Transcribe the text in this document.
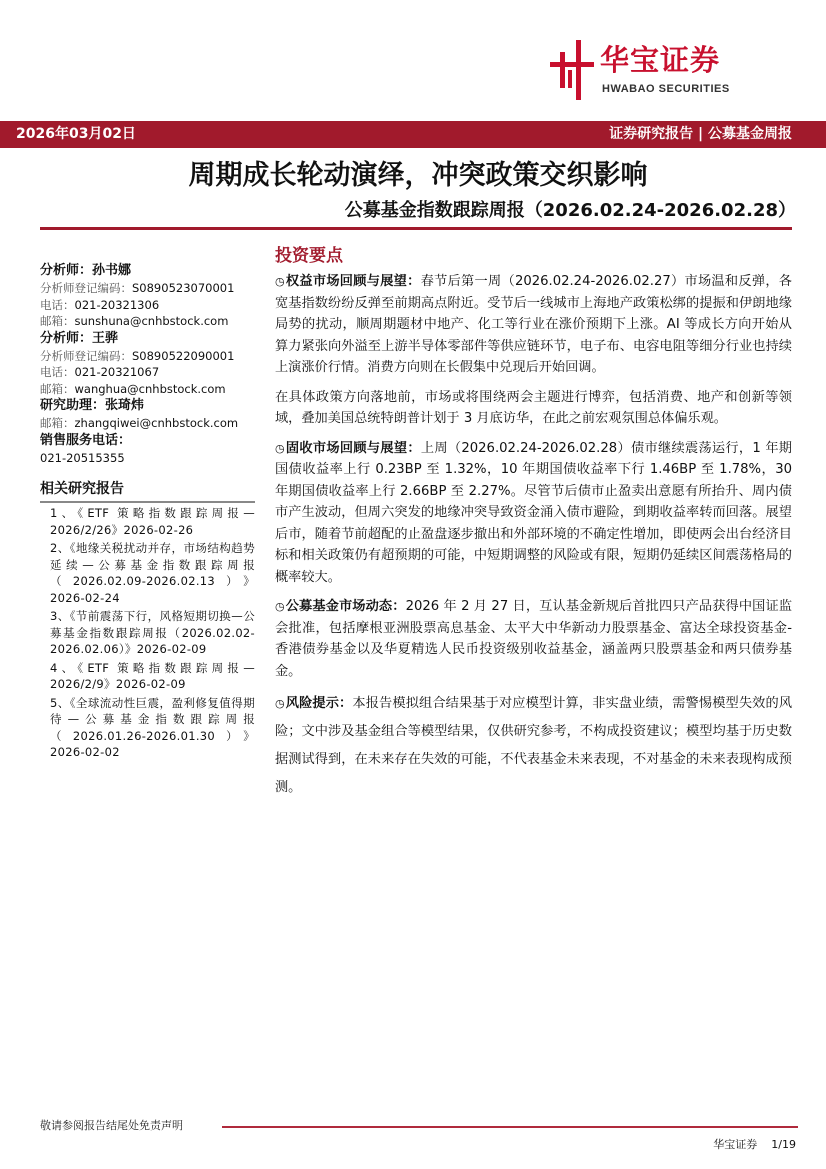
华宝证券
HWABAO SECURITIES
2026年03月02日	证券研究报告 | 公募基金周报
周期成长轮动演绎，冲突政策交织影响
公募基金指数跟踪周报（2026.02.24-2026.02.28）
分析师：孙书娜
分析师登记编码：S0890523070001
电话：021-20321306
邮箱：sunshuna@cnhbstock.com
分析师：王骅
分析师登记编码：S0890522090001
电话：021-20321067
邮箱：wanghua@cnhbstock.com
研究助理：张琦炜
邮箱：zhangqiwei@cnhbstock.com
销售服务电话：
021-20515355
相关研究报告
1、《ETF 策略指数跟踪周报—2026/2/26》2026-02-26
2、《地缘关税扰动并存，市场结构趋势延续—公募基金指数跟踪周报（2026.02.09-2026.02.13）》2026-02-24
3、《节前震荡下行，风格短期切换—公募基金指数跟踪周报（2026.02.02-2026.02.06）》2026-02-09
4、《ETF 策略指数跟踪周报—2026/2/9》2026-02-09
5、《全球流动性巨震，盈利修复值得期待—公募基金指数跟踪周报（2026.01.26-2026.01.30）》2026-02-02
投资要点

◷权益市场回顾与展望：春节后第一周（2026.02.24-2026.02.27）市场温和反弹，各宽基指数纷纷反弹至前期高点附近。受节后一线城市上海地产政策松绑的提振和伊朗地缘局势的扰动，顺周期题材中地产、化工等行业在涨价预期下上涨。AI 等成长方向开始从算力紧张向外溢至上游半导体零部件等供应链环节，电子布、电容电阻等细分行业也持续上演涨价行情。消费方向则在长假集中兑现后开始回调。

在具体政策方向落地前，市场或将围绕两会主题进行博弈，包括消费、地产和创新等领域，叠加美国总统特朗普计划于 3 月底访华，在此之前宏观氛围总体偏乐观。

◷固收市场回顾与展望：上周（2026.02.24-2026.02.28）债市继续震荡运行，1 年期国债收益率上行 0.23BP 至 1.32%，10 年期国债收益率下行 1.46BP 至 1.78%，30 年期国债收益率上行 2.66BP 至 2.27%。尽管节后债市止盈卖出意愿有所抬升、周内债市产生波动，但周六突发的地缘冲突导致资金涌入债市避险，到期收益率转而回落。展望后市，随着节前超配的止盈盘逐步撤出和外部环境的不确定性增加，即使两会出台经济目标和相关政策仍有超预期的可能，中短期调整的风险或有限，短期仍延续区间震荡格局的概率较大。

◷公募基金市场动态：2026 年 2 月 27 日，互认基金新规后首批四只产品获得中国证监会批准，包括摩根亚洲股票高息基金、太平大中华新动力股票基金、富达全球投资基金-香港债券基金以及华夏精选人民币投资级别收益基金，涵盖两只股票基金和两只债券基金。

◷风险提示：本报告模拟组合结果基于对应模型计算，非实盘业绩，需警惕模型失效的风险；文中涉及基金组合等模型结果，仅供研究参考，不构成投资建议；模型均基于历史数据测试得到，在未来存在失效的可能，不代表基金未来表现，不对基金的未来表现构成预测。

敬请参阅报告结尾处免责声明
华宝证券 1/19
